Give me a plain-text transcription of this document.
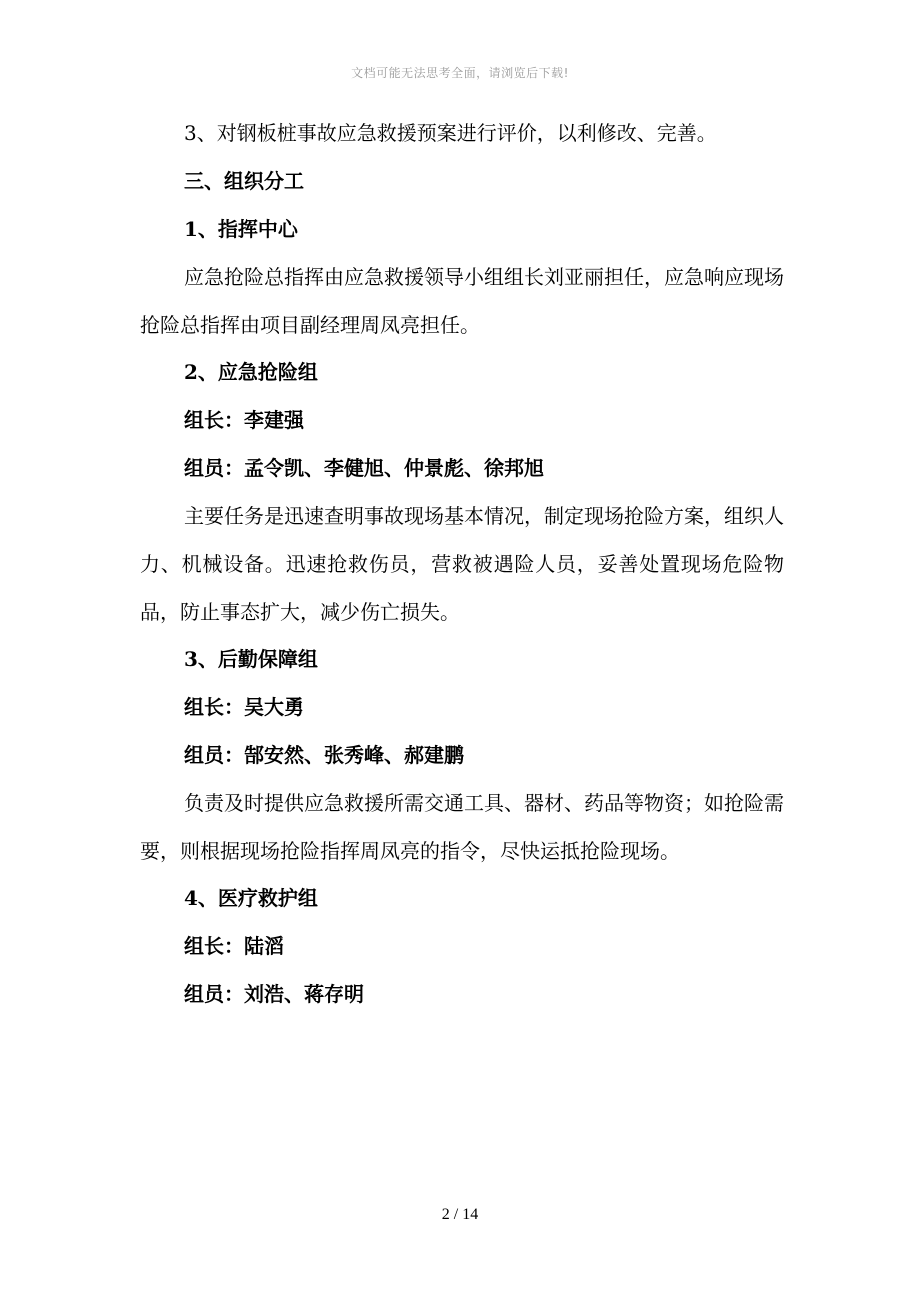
文档可能无法思考全面，请浏览后下载!
3、对钢板桩事故应急救援预案进行评价，以利修改、完善。
三、组织分工
1、指挥中心
应急抢险总指挥由应急救援领导小组组长刘亚丽担任，应急响应现场抢险总指挥由项目副经理周凤亮担任。
2、应急抢险组
组长：李建强
组员：孟令凯、李健旭、仲景彪、徐邦旭
主要任务是迅速查明事故现场基本情况，制定现场抢险方案，组织人力、机械设备。迅速抢救伤员，营救被遇险人员，妥善处置现场危险物品，防止事态扩大，减少伤亡损失。
3、后勤保障组
组长：吴大勇
组员：郜安然、张秀峰、郝建鹏
负责及时提供应急救援所需交通工具、器材、药品等物资；如抢险需要，则根据现场抢险指挥周凤亮的指令，尽快运抵抢险现场。
4、医疗救护组
组长：陆滔
组员：刘浩、蒋存明
2 / 14
